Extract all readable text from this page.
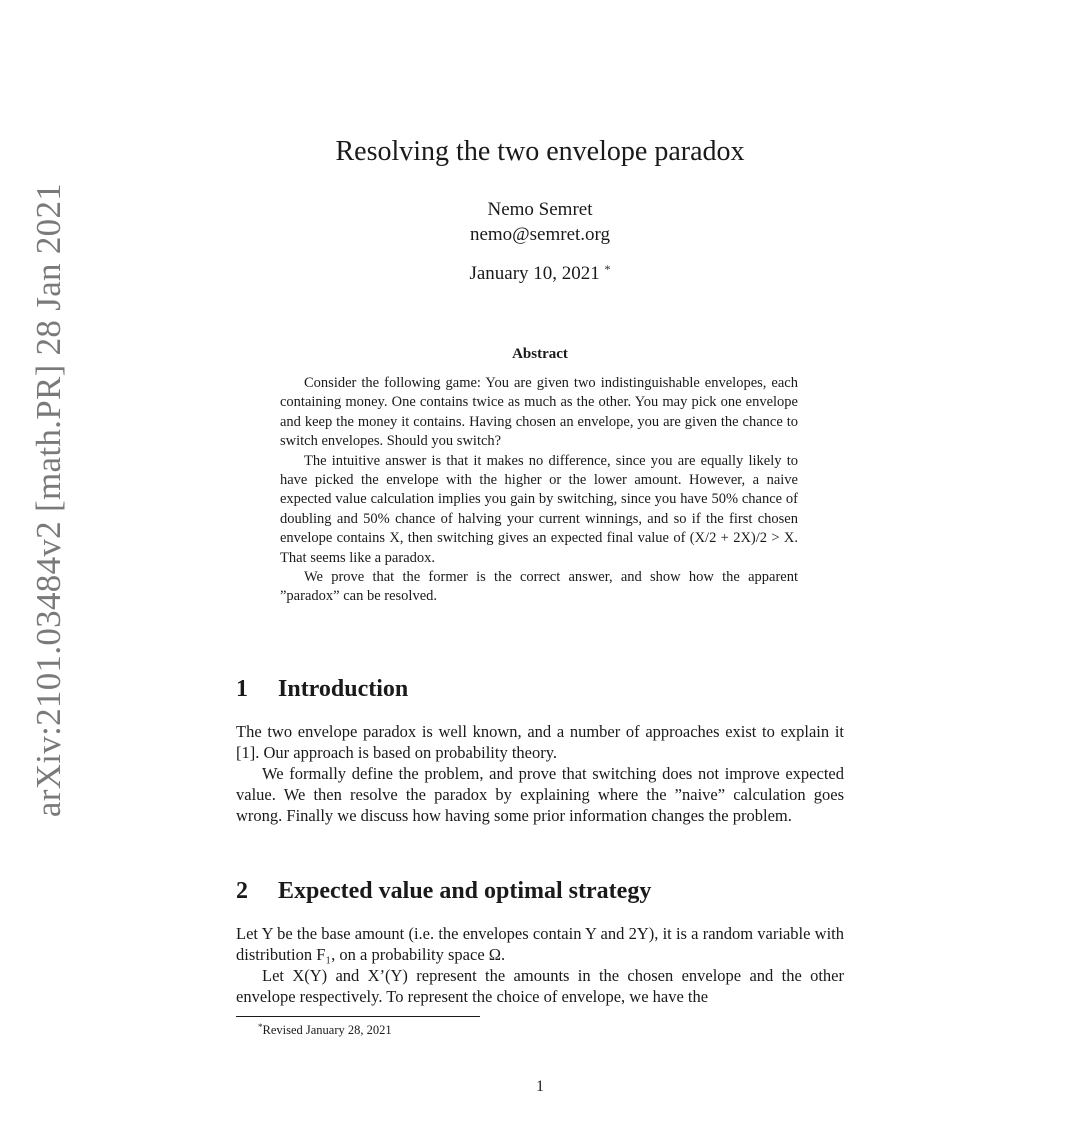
arXiv:2101.03484v2 [math.PR] 28 Jan 2021
Resolving the two envelope paradox
Nemo Semret
nemo@semret.org
January 10, 2021 *
Abstract

Consider the following game: You are given two indistinguishable envelopes, each containing money. One contains twice as much as the other. You may pick one envelope and keep the money it contains. Having chosen an envelope, you are given the chance to switch envelopes. Should you switch?

The intuitive answer is that it makes no difference, since you are equally likely to have picked the envelope with the higher or the lower amount. However, a naive expected value calculation implies you gain by switching, since you have 50% chance of doubling and 50% chance of halving your current winnings, and so if the first chosen envelope contains X, then switching gives an expected final value of (X/2 + 2X)/2 > X. That seems like a paradox.

We prove that the former is the correct answer, and show how the apparent ”paradox” can be resolved.

1 Introduction

The two envelope paradox is well known, and a number of approaches exist to explain it [1]. Our approach is based on probability theory.

We formally define the problem, and prove that switching does not improve expected value. We then resolve the paradox by explaining where the ”naive” calculation goes wrong. Finally we discuss how having some prior information changes the problem.

2 Expected value and optimal strategy

Let Y be the base amount (i.e. the envelopes contain Y and 2Y), it is a random variable with distribution F₁, on a probability space Ω.

Let X(Y) and X’(Y) represent the amounts in the chosen envelope and the other envelope respectively. To represent the choice of envelope, we have the

*Revised January 28, 2021
1
